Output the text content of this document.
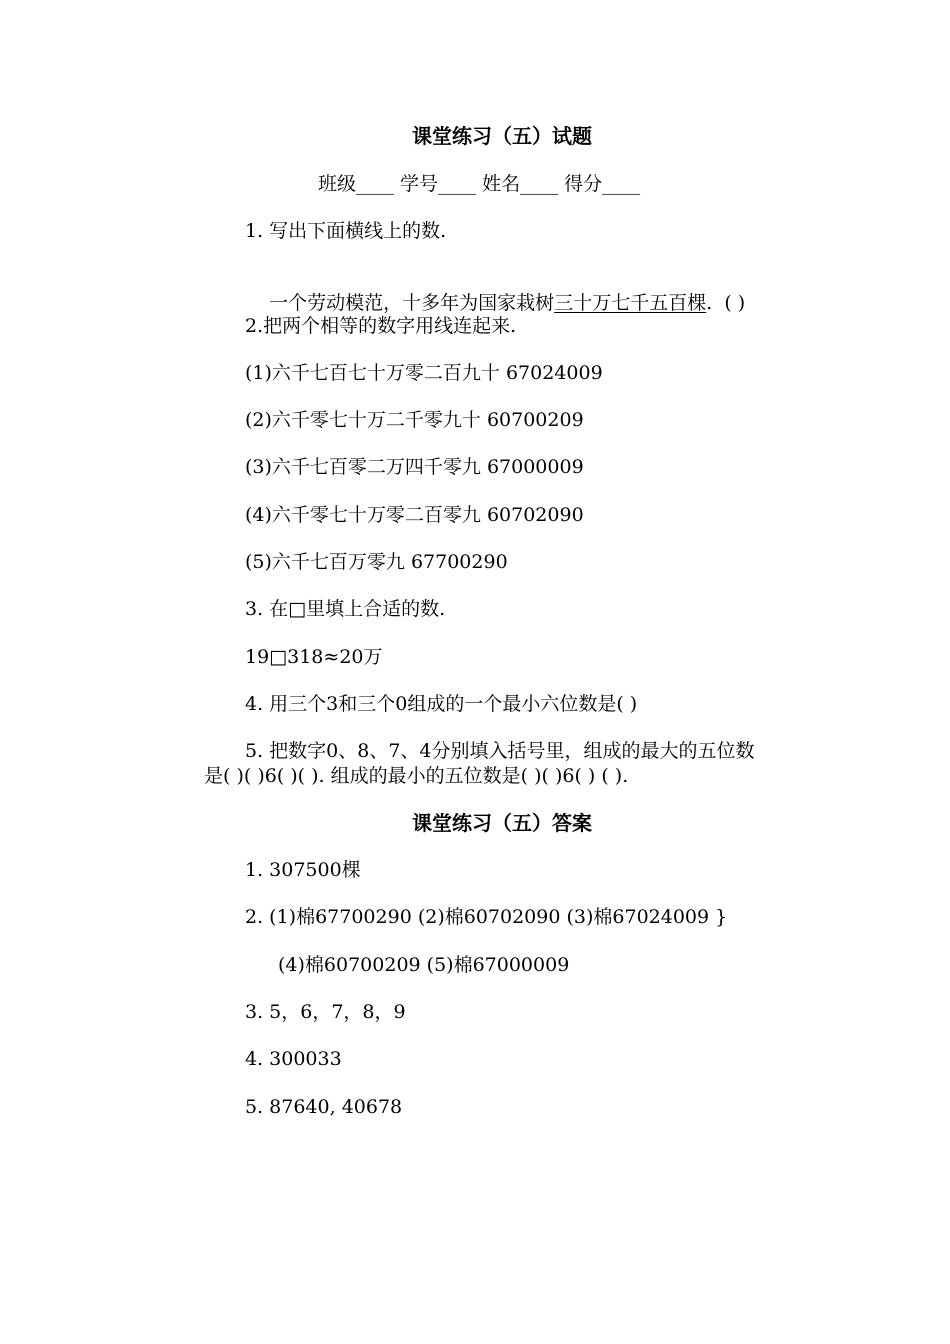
课堂练习（五）试题
班级____ 学号____ 姓名____ 得分____
1. 写出下面横线上的数.

一个劳动模范，十多年为国家栽树三十万七千五百棵.  ( )

2.把两个相等的数字用线连起来.
(1)六千七百七十万零二百九十 67024009
(2)六千零七十万二千零九十 60700209
(3)六千七百零二万四千零九 67000009
(4)六千零七十万零二百零九 60702090
(5)六千七百万零九 67700290
3. 在□里填上合适的数.
19□318≈20万
4. 用三个3和三个0组成的一个最小六位数是( )
5. 把数字0、8、7、4分别填入括号里，组成的最大的五位数
是( )( )6( )( ). 组成的最小的五位数是( )( )6( ) ( ).
课堂练习（五）答案
1. 307500棵
2. (1)棉67700290 (2)棉60702090 (3)棉67024009 }
(4)棉60700209 (5)棉67000009
3. 5，6，7，8，9
4. 300033
5. 87640, 40678
